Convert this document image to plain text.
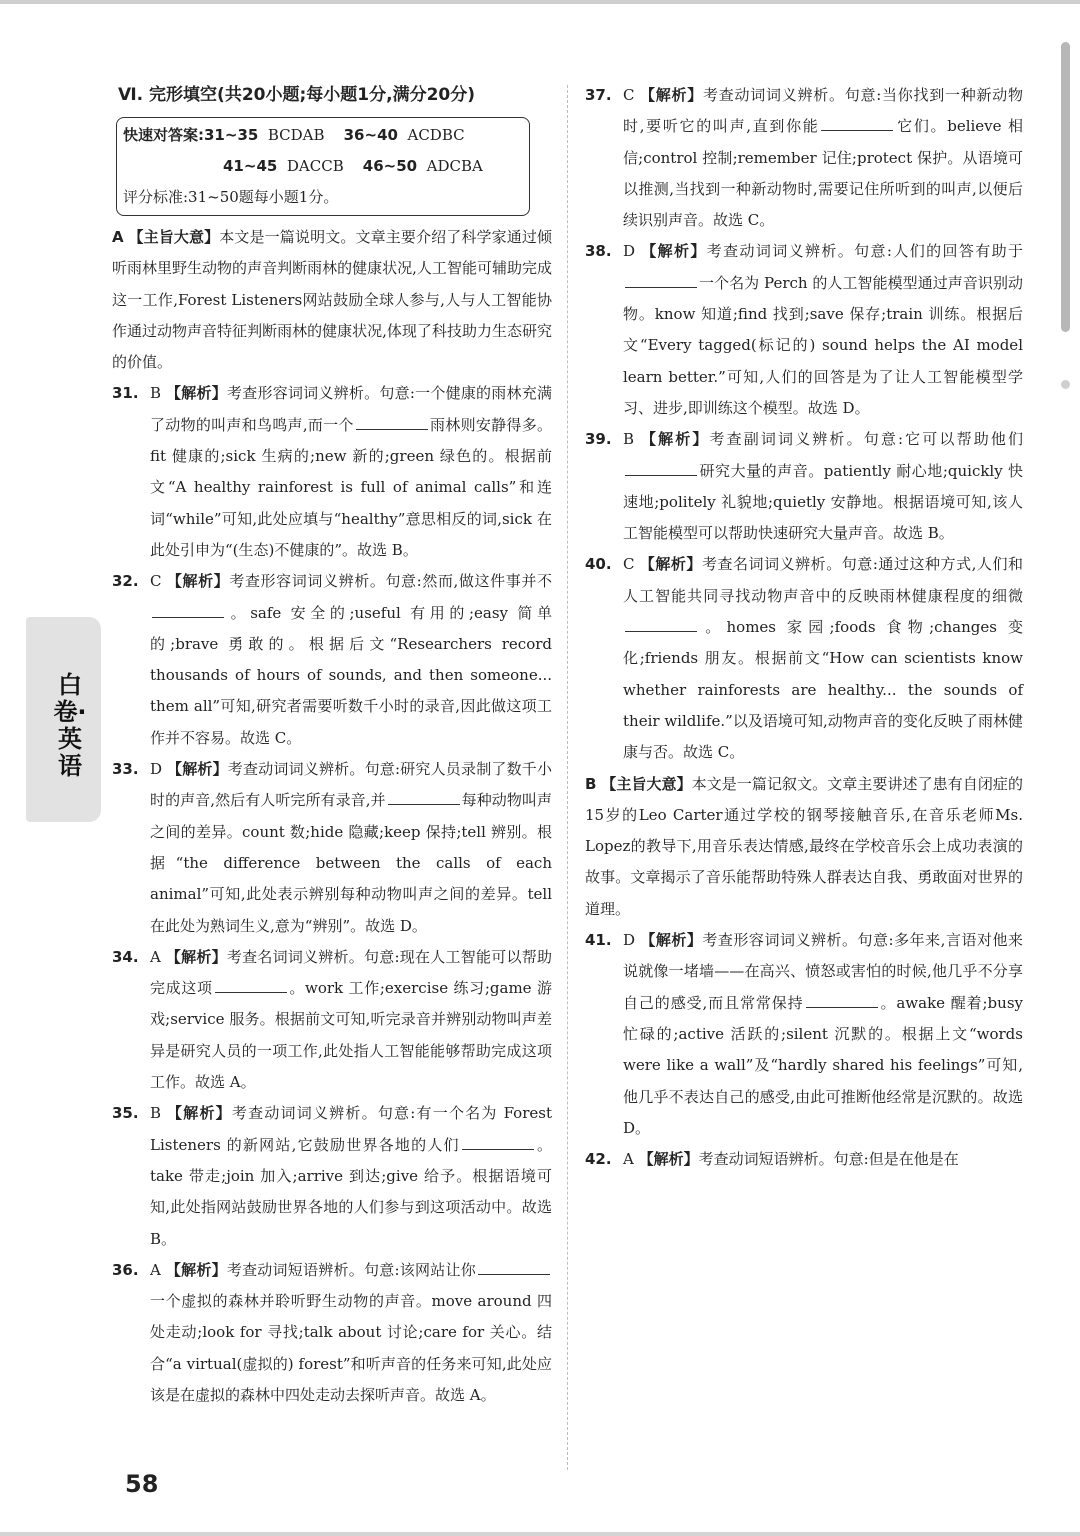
白卷·英语
Ⅵ. 完形填空(共20小题;每小题1分,满分20分)
快速对答案:31~35 BCDAB 36~40 ACDBC
41~45 DACCB 46~50 ADCBA
评分标准:31~50题每小题1分。

A 【主旨大意】本文是一篇说明文。文章主要介绍了科学家通过倾听雨林里野生动物的声音判断雨林的健康状况,人工智能可辅助完成这一工作,Forest Listeners网站鼓励全球人参与,人与人工智能协作通过动物声音特征判断雨林的健康状况,体现了科技助力生态研究的价值。

31. B 【解析】考查形容词词义辨析。句意:一个健康的雨林充满了动物的叫声和鸟鸣声,而一个	雨林则安静得多。fit 健康的;sick 生病的;new 新的;green 绿色的。根据前文“A healthy rainforest is full of animal calls”和连词“while”可知,此处应填与“healthy”意思相反的词,sick 在此处引申为“(生态)不健康的”。故选 B。

32. C 【解析】考查形容词词义辨析。句意:然而,做这件事并不。safe 安全的;useful 有用的;easy 简单的;brave 勇敢的。根据后文“Researchers record thousands of hours of sounds, and then someone... them all”可知,研究者需要听数千小时的录音,因此做这项工作并不容易。故选 C。

33. D 【解析】考查动词词义辨析。句意:研究人员录制了数千小时的声音,然后有人听完所有录音,并	每种动物叫声之间的差异。count 数;hide 隐藏;keep 保持;tell 辨别。根据“the difference between the calls of each animal”可知,此处表示辨别每种动物叫声之间的差异。tell 在此处为熟词生义,意为“辨别”。故选 D。

34. A 【解析】考查名词词义辨析。句意:现在人工智能可以帮助完成这项	。work 工作;exercise 练习;game 游戏;service 服务。根据前文可知,听完录音并辨别动物叫声差异是研究人员的一项工作,此处指人工智能能够帮助完成这项工作。故选 A。

35. B 【解析】考查动词词义辨析。句意:有一个名为 Forest Listeners 的新网站,它鼓励世界各地的人们	。take 带走;join 加入;arrive 到达;give 给予。根据语境可知,此处指网站鼓励世界各地的人们参与到这项活动中。故选 B。

36. A 【解析】考查动词短语辨析。句意:该网站让你一个虚拟的森林并聆听野生动物的声音。move around 四处走动;look for 寻找;talk about 讨论;care for 关心。结合“a virtual(虚拟的) forest”和听声音的任务来可知,此处应该是在虚拟的森林中四处走动去探听声音。故选 A。

37. C 【解析】考查动词词义辨析。句意:当你找到一种新动物时,要听它的叫声,直到你能	它们。believe 相信;control 控制;remember 记住;protect 保护。从语境可以推测,当找到一种新动物时,需要记住所听到的叫声,以便后续识别声音。故选 C。

38. D 【解析】考查动词词义辨析。句意:人们的回答有助于一个名为 Perch 的人工智能模型通过声音识别动物。know 知道;find 找到;save 保存;train 训练。根据后文“Every tagged(标记的) sound helps the AI model learn better.”可知,人们的回答是为了让人工智能模型学习、进步,即训练这个模型。故选 D。

39. B 【解析】考查副词词义辨析。句意:它可以帮助他们研究大量的声音。patiently 耐心地;quickly 快速地;politely 礼貌地;quietly 安静地。根据语境可知,该人工智能模型可以帮助快速研究大量声音。故选 B。

40. C 【解析】考查名词词义辨析。句意:通过这种方式,人们和人工智能共同寻找动物声音中的反映雨林健康程度的细微。homes 家园;foods 食物;changes 变化;friends 朋友。根据前文“How can scientists know whether rainforests are healthy... the sounds of their wildlife.”以及语境可知,动物声音的变化反映了雨林健康与否。故选 C。

B 【主旨大意】本文是一篇记叙文。文章主要讲述了患有自闭症的15岁的Leo Carter通过学校的钢琴接触音乐,在音乐老师Ms. Lopez的教导下,用音乐表达情感,最终在学校音乐会上成功表演的故事。文章揭示了音乐能帮助特殊人群表达自我、勇敢面对世界的道理。

41. D 【解析】考查形容词词义辨析。句意:多年来,言语对他来说就像一堵墙——在高兴、愤怒或害怕的时候,他几乎不分享自己的感受,而且常常保持	。awake 醒着;busy 忙碌的;active 活跃的;silent 沉默的。根据上文“words were like a wall”及“hardly shared his feelings”可知,他几乎不表达自己的感受,由此可推断他经常是沉默的。故选 D。

42. A 【解析】考查动词短语辨析。句意:但是在他是在

58
